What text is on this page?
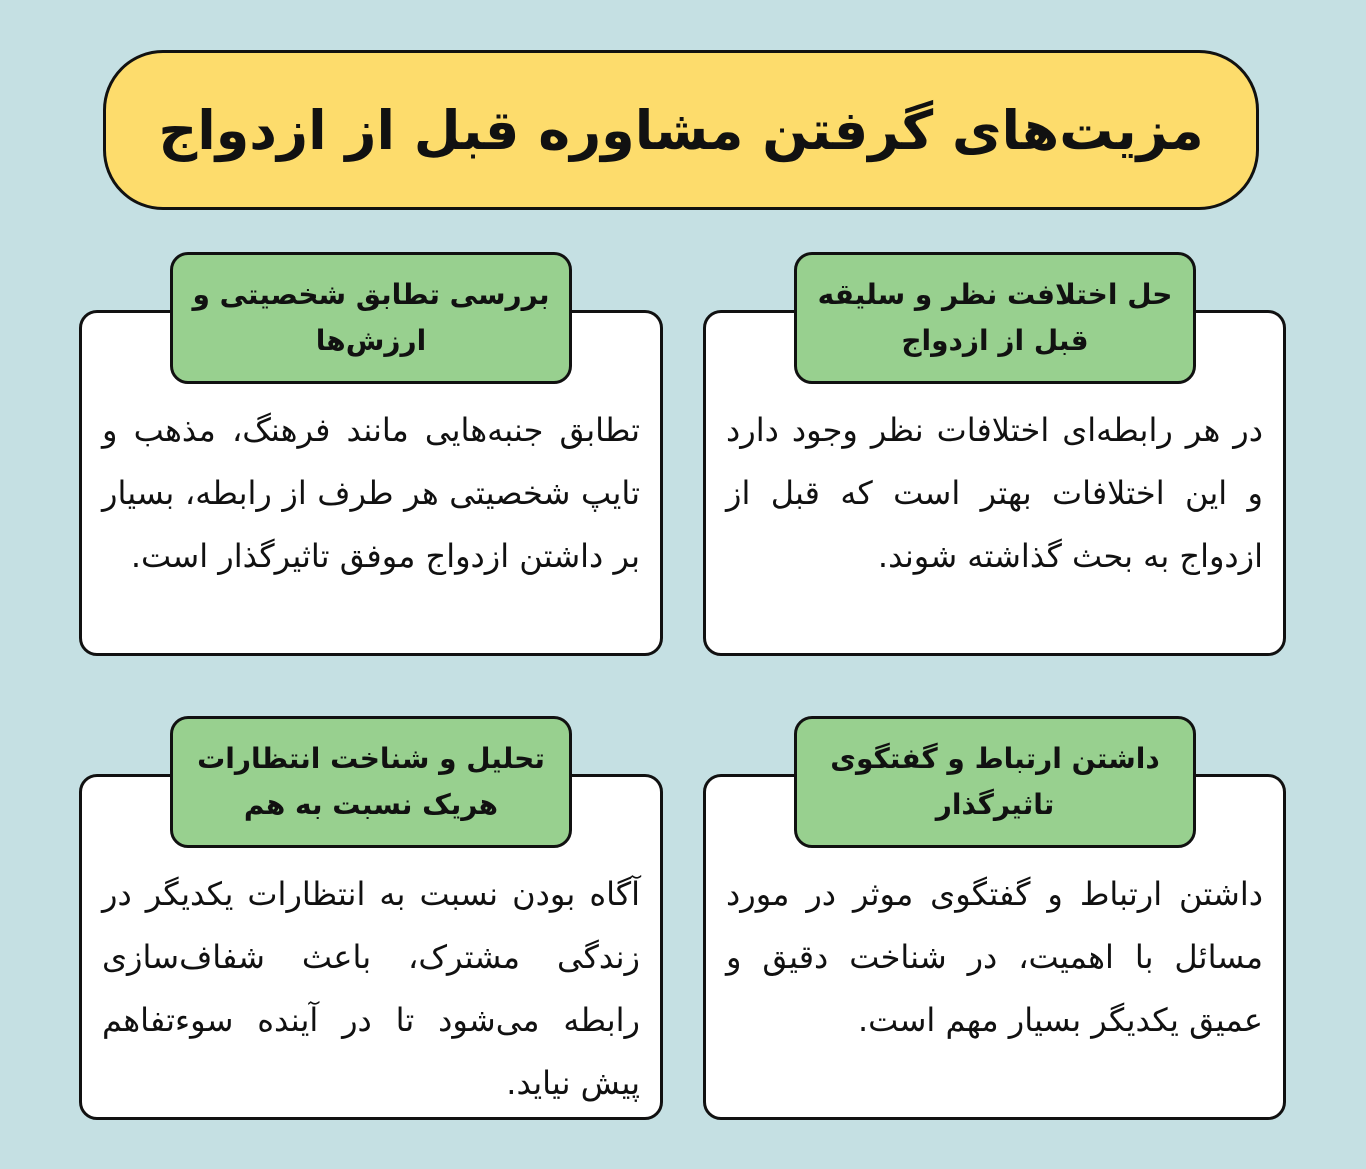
مزیت‌های گرفتن مشاوره قبل از ازدواج
در هر رابطه‌ای اختلافات نظر وجود دارد و این اختلافات بهتر است که قبل از ازدواج به بحث گذاشته شوند.
حل اختلافت نظر و سلیقه قبل از ازدواج
تطابق جنبه‌هایی مانند فرهنگ، مذهب و تایپ شخصیتی هر طرف از رابطه، بسیار بر داشتن ازدواج موفق تاثیرگذار است.
بررسی تطابق شخصیتی و ارزش‌ها
داشتن ارتباط و گفتگوی موثر در مورد مسائل با اهمیت، در شناخت دقیق و عمیق یکدیگر بسیار مهم است.
داشتن ارتباط و گفتگوی تاثیرگذار
آگاه بودن نسبت به انتظارات یکدیگر در زندگی مشترک، باعث شفاف‌سازی رابطه می‌شود تا در آینده سوءتفاهم پیش نیاید.
تحلیل و شناخت انتظارات هریک نسبت به هم
